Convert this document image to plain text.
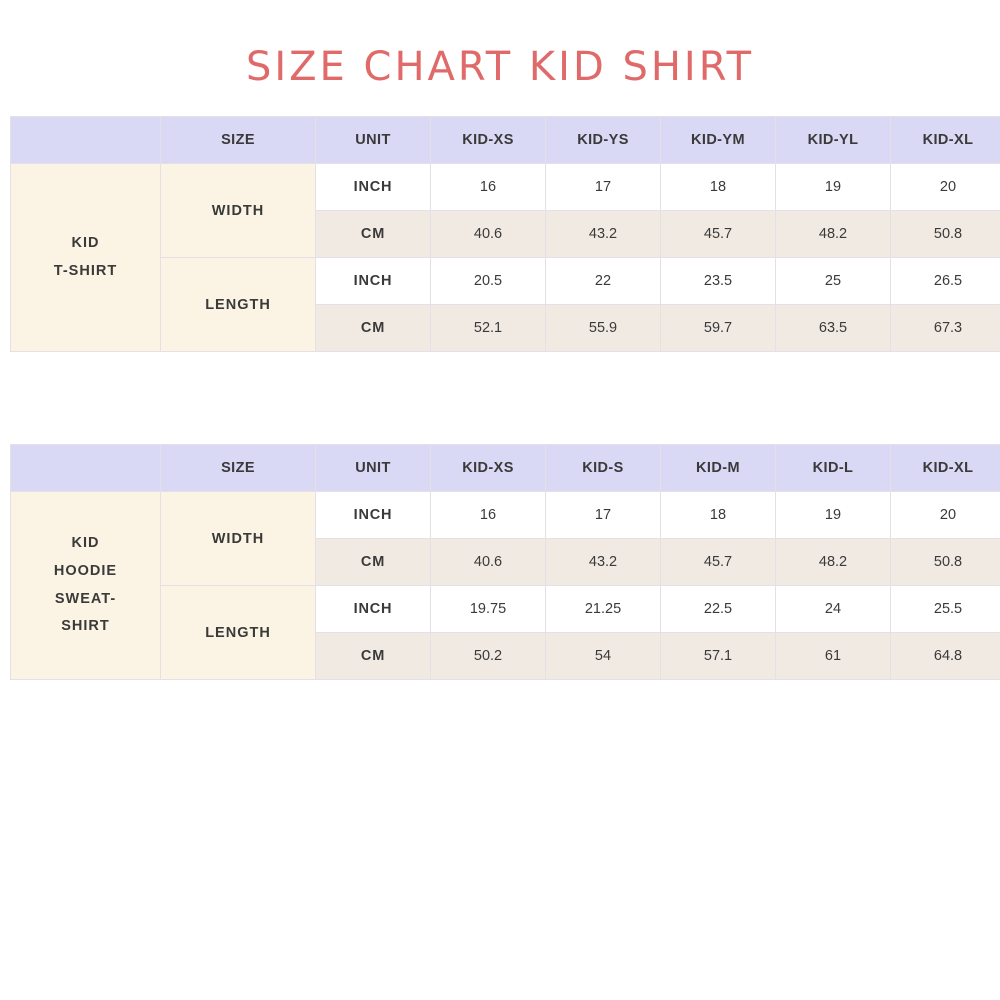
SIZE CHART KID SHIRT
	SIZE	UNIT	KID-XS	KID-YS	KID-YM	KID-YL	KID-XL

KID
T-SHIRT	WIDTH	INCH	16	17	18	19	20
		CM	40.6	43.2	45.7	48.2	50.8
	LENGTH	INCH	20.5	22	23.5	25	26.5
		CM	52.1	55.9	59.7	63.5	67.3
	SIZE	UNIT	KID-XS	KID-S	KID-M	KID-L	KID-XL

KID
HOODIE
SWEAT-
SHIRT	WIDTH	INCH	16	17	18	19	20
		CM	40.6	43.2	45.7	48.2	50.8
	LENGTH	INCH	19.75	21.25	22.5	24	25.5
		CM	50.2	54	57.1	61	64.8
